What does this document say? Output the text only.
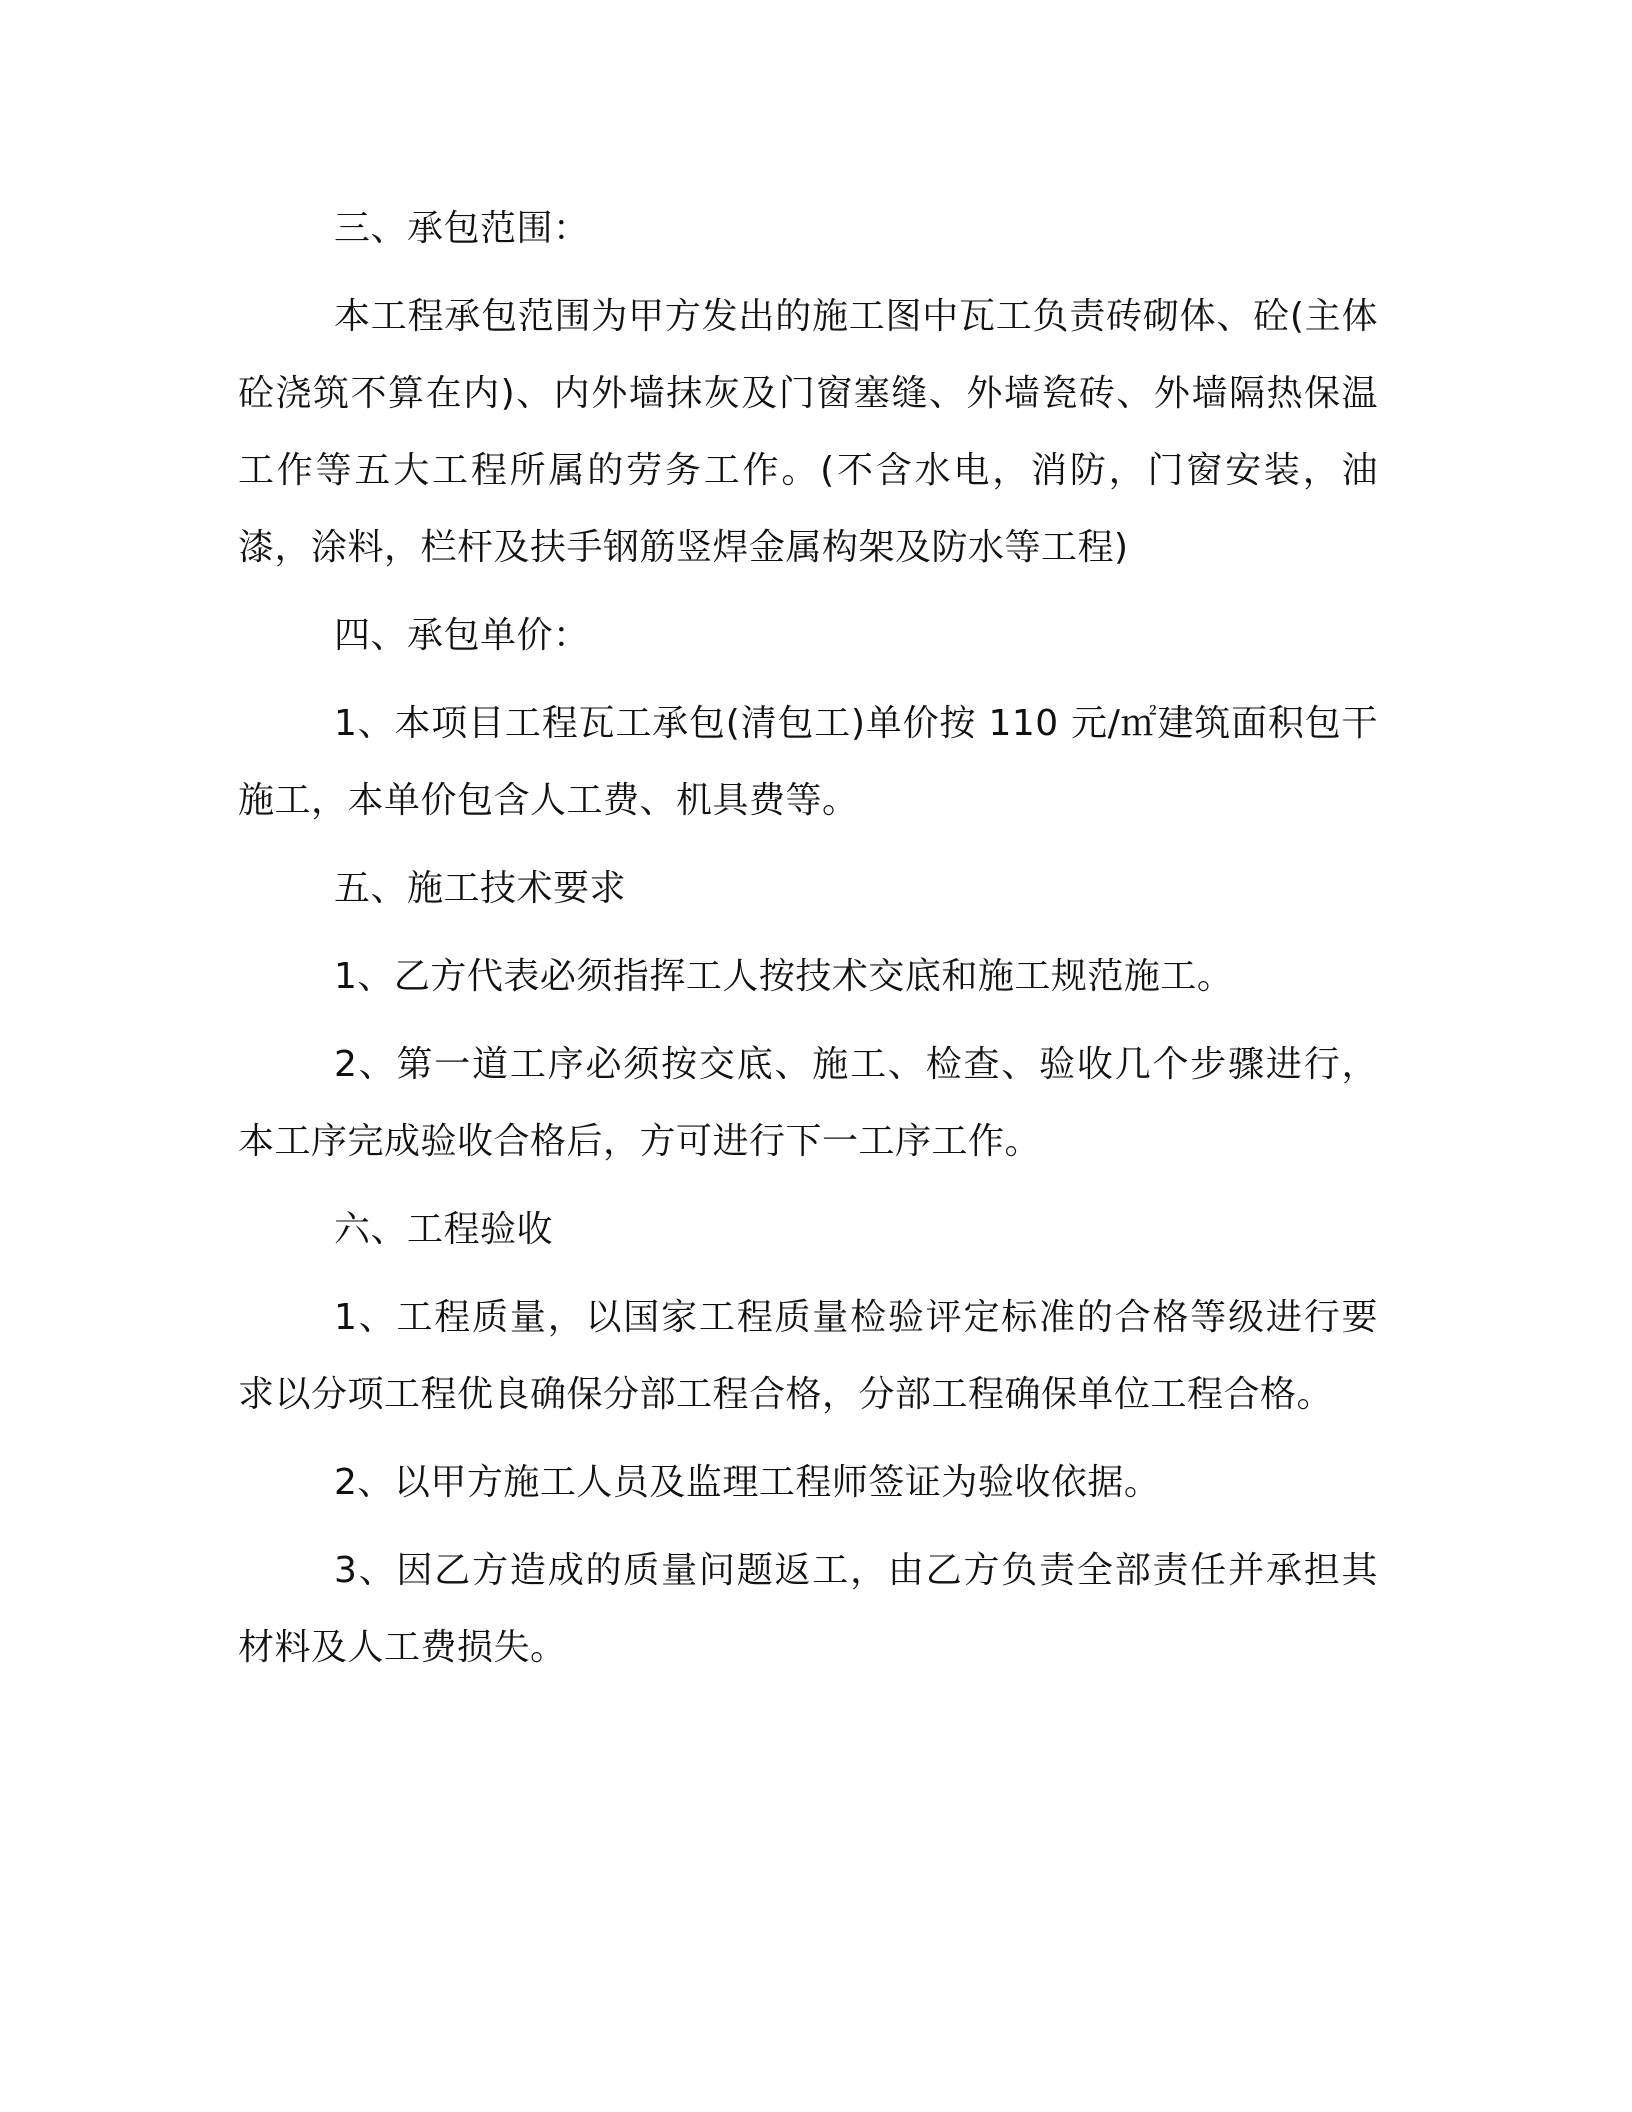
三、承包范围：

本工程承包范围为甲方发出的施工图中瓦工负责砖砌体、砼(主体砼浇筑不算在内)、内外墙抹灰及门窗塞缝、外墙瓷砖、外墙隔热保温工作等五大工程所属的劳务工作。(不含水电，消防，门窗安装，油漆，涂料，栏杆及扶手钢筋竖焊金属构架及防水等工程)

四、承包单价：

1、本项目工程瓦工承包(清包工)单价按 110 元/㎡建筑面积包干施工，本单价包含人工费、机具费等。

五、施工技术要求

1、乙方代表必须指挥工人按技术交底和施工规范施工。

2、第一道工序必须按交底、施工、检查、验收几个步骤进行，本工序完成验收合格后，方可进行下一工序工作。

六、工程验收

1、工程质量，以国家工程质量检验评定标准的合格等级进行要求以分项工程优良确保分部工程合格，分部工程确保单位工程合格。

2、以甲方施工人员及监理工程师签证为验收依据。

3、因乙方造成的质量问题返工，由乙方负责全部责任并承担其材料及人工费损失。
